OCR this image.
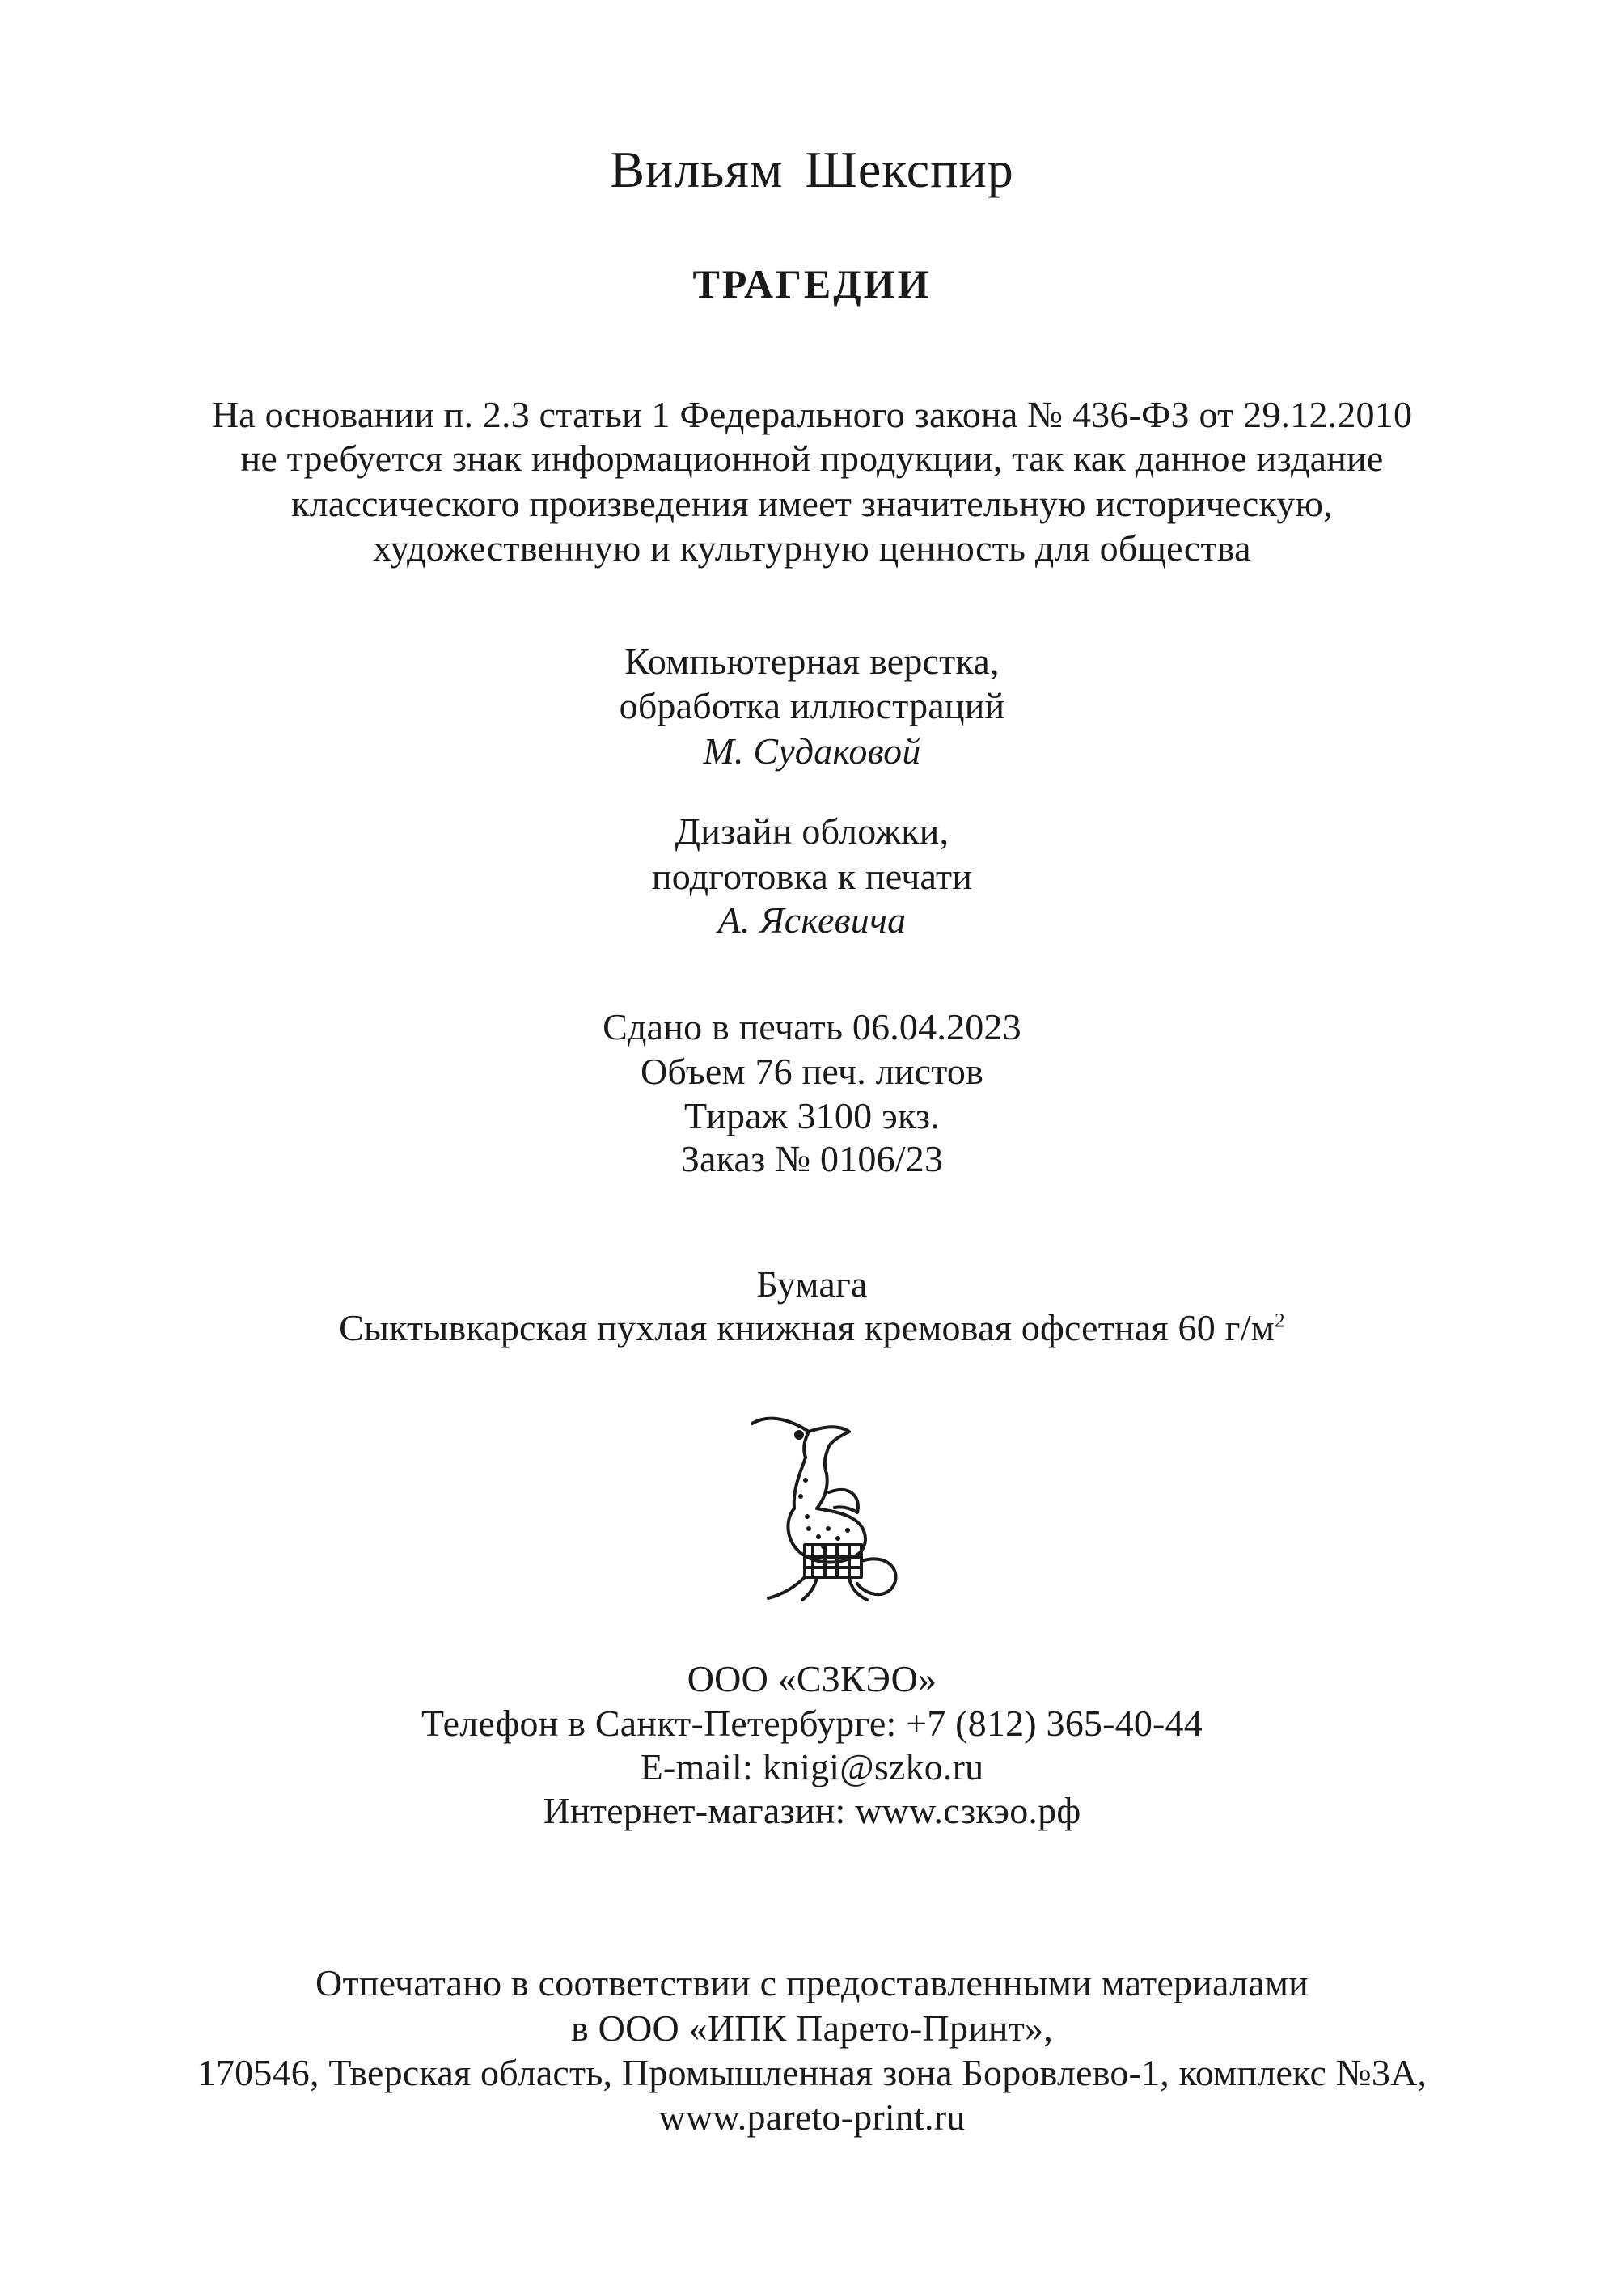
Вильям Шекспир
ТРАГЕДИИ
На основании п. 2.3 статьи 1 Федерального закона № 436-ФЗ от 29.12.2010
не требуется знак информационной продукции, так как данное издание
классического произведения имеет значительную историческую,
художественную и культурную ценность для общества
Компьютерная верстка,
обработка иллюстраций
М. Судаковой
Дизайн обложки,
подготовка к печати
А. Яскевича
Сдано в печать 06.04.2023
Объем 76 печ. листов
Тираж 3100 экз.
Заказ № 0106/23
Бумага
Сыктывкарская пухлая книжная кремовая офсетная 60 $г/м^2$
ООО «СЗКЭО»
Телефон в Санкт-Петербурге: +7 (812) 365-40-44
E-mail: knigi@szko.ru
Интернет-магазин: www.сзкэо.рф
Отпечатано в соответствии с предоставленными материалами
в ООО «ИПК Парето-Принт»,
170546, Тверская область, Промышленная зона Боровлево-1, комплекс №3А,
www.pareto-print.ru
